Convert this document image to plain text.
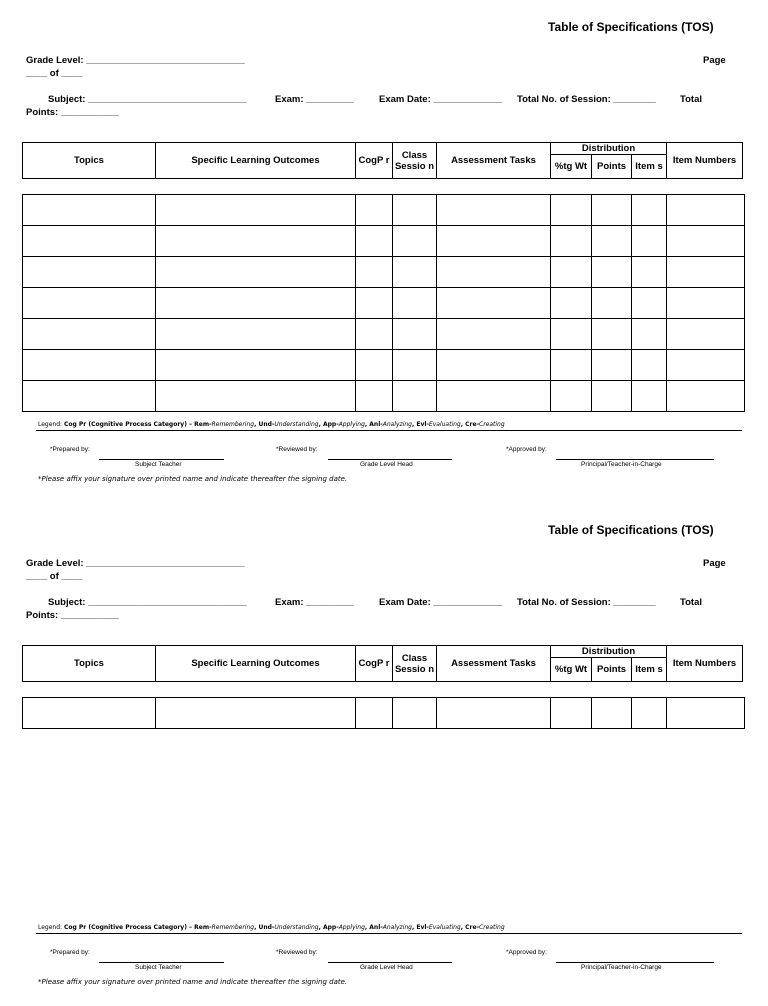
Table of Specifications (TOS)
Grade Level: ______________________________	Page
____ of ____
Subject: ______________________________	Exam: _________	Exam Date: _____________ Total No. of Session: ________	Total
Points: ___________
Topics	Specific Learning Outcomes	CogP r	Class Sessio n	Assessment Tasks	Distribution			Item Numbers
					%tg Wt	Points	Item s	

Legend: Cog Pr (Cognitive Process Category) – Rem-Remembering, Und-Understanding, App-Applying, Anl-Analyzing, Evl-Evaluating, Cre-Creating
*Prepared by:	*Reviewed by:	*Approved by:
Subject Teacher	Grade Level Head	Principal/Teacher-in-Charge
*Please affix your signature over printed name and indicate thereafter the signing date.
Table of Specifications (TOS)
Grade Level: ______________________________	Page
____ of ____
Subject: ______________________________	Exam: _________	Exam Date: _____________ Total No. of Session: ________	Total
Points: ___________
Topics	Specific Learning Outcomes	CogP r	Class Sessio n	Assessment Tasks	Distribution			Item Numbers
					%tg Wt	Points	Item s	

Legend: Cog Pr (Cognitive Process Category) – Rem-Remembering, Und-Understanding, App-Applying, Anl-Analyzing, Evl-Evaluating, Cre-Creating
*Prepared by:	*Reviewed by:	*Approved by:
Subject Teacher	Grade Level Head	Principal/Teacher-in-Charge
*Please affix your signature over printed name and indicate thereafter the signing date.
